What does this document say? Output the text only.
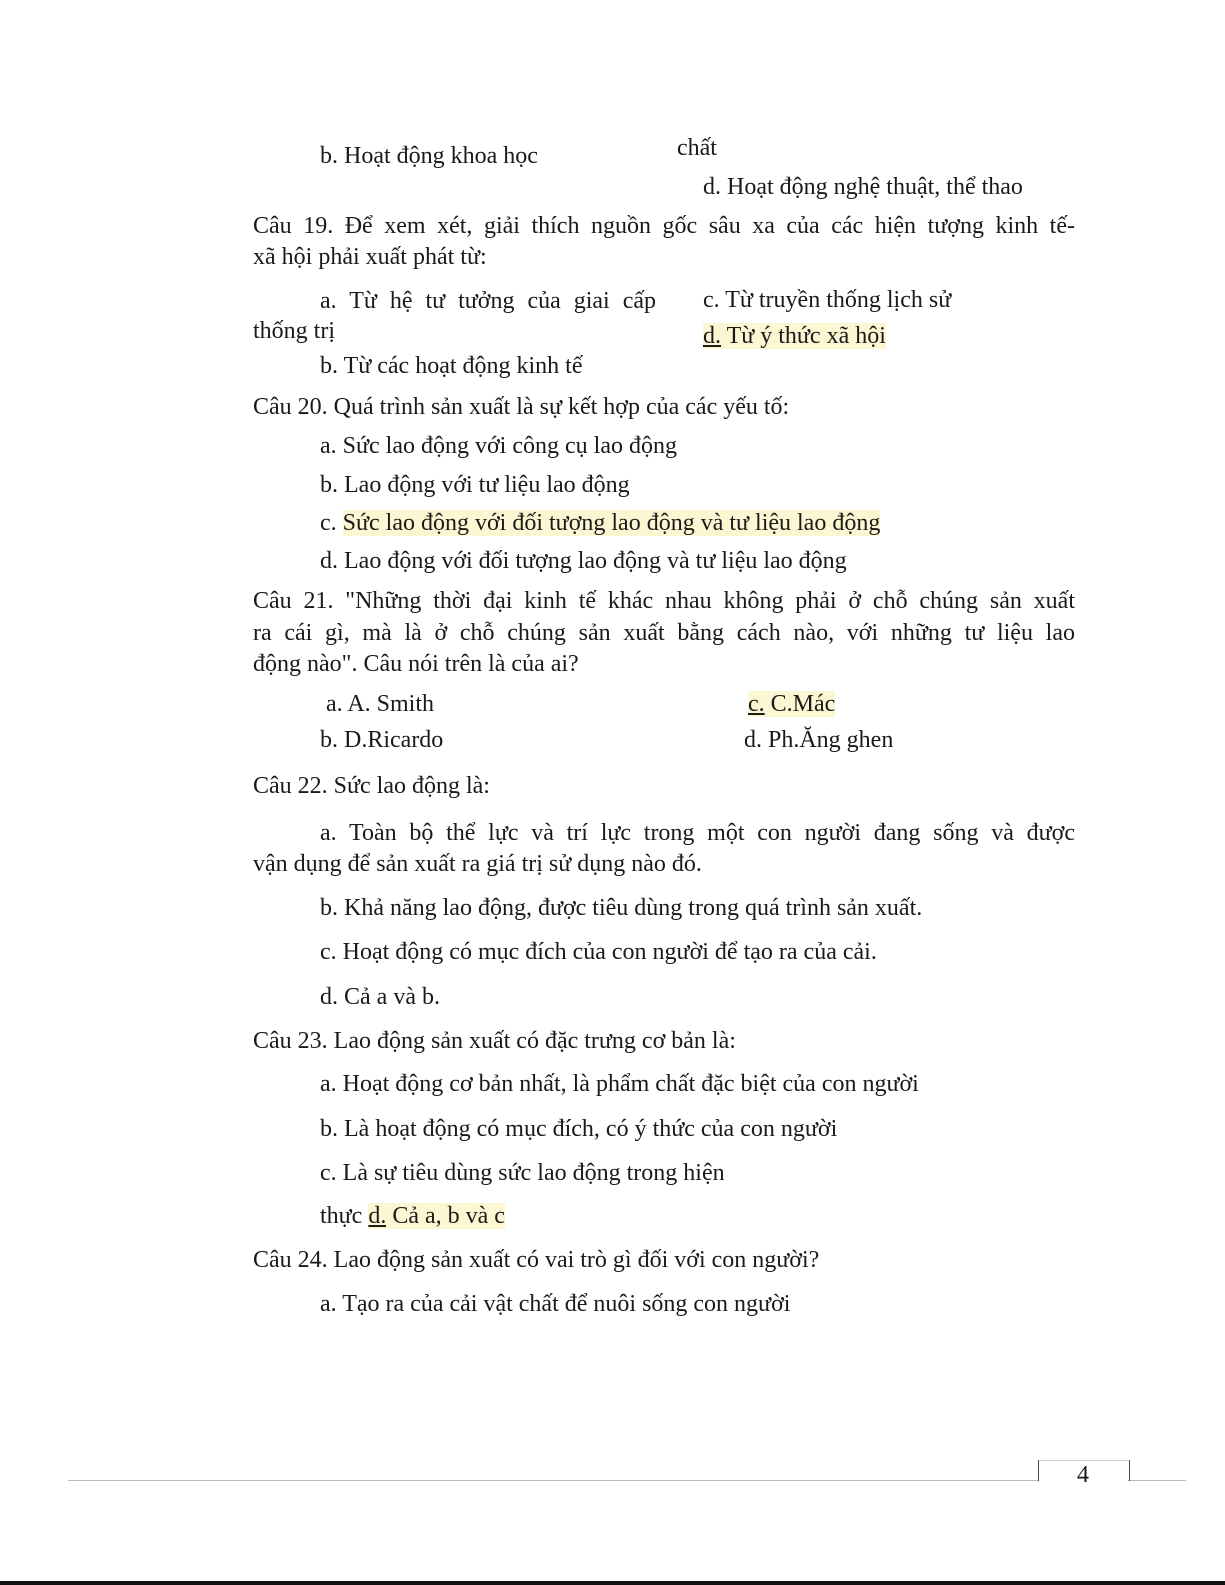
b. Hoạt động khoa học	chất
d. Hoạt động nghệ thuật, thể thao
Câu 19. Để xem xét, giải thích nguồn gốc sâu xa của các hiện tượng kinh tế-
xã hội phải xuất phát từ:
a. Từ hệ tư tưởng của giai cấp
thống trị
b. Từ các hoạt động kinh tế
c. Từ truyền thống lịch sử
d. Từ ý thức xã hội
Câu 20. Quá trình sản xuất là sự kết hợp của các yếu tố:
a. Sức lao động với công cụ lao động
b. Lao động với tư liệu lao động
c. Sức lao động với đối tượng lao động và tư liệu lao động
d. Lao động với đối tượng lao động và tư liệu lao động
Câu 21. "Những thời đại kinh tế khác nhau không phải ở chỗ chúng sản xuất
ra cái gì, mà là ở chỗ chúng sản xuất bằng cách nào, với những tư liệu lao
động nào". Câu nói trên là của ai?
a. A. Smith
b. D.Ricardo
c. C.Mác
d. Ph.Ăng ghen
Câu 22. Sức lao động là:
a. Toàn bộ thể lực và trí lực trong một con người đang sống và được
vận dụng để sản xuất ra giá trị sử dụng nào đó.
b. Khả năng lao động, được tiêu dùng trong quá trình sản xuất.
c. Hoạt động có mục đích của con người để tạo ra của cải.
d. Cả a và b.
Câu 23. Lao động sản xuất có đặc trưng cơ bản là:
a. Hoạt động cơ bản nhất, là phẩm chất đặc biệt của con người
b. Là hoạt động có mục đích, có ý thức của con người
c. Là sự tiêu dùng sức lao động trong hiện
thực d. Cả a, b và c
Câu 24. Lao động sản xuất có vai trò gì đối với con người?
a. Tạo ra của cải vật chất để nuôi sống con người
4
